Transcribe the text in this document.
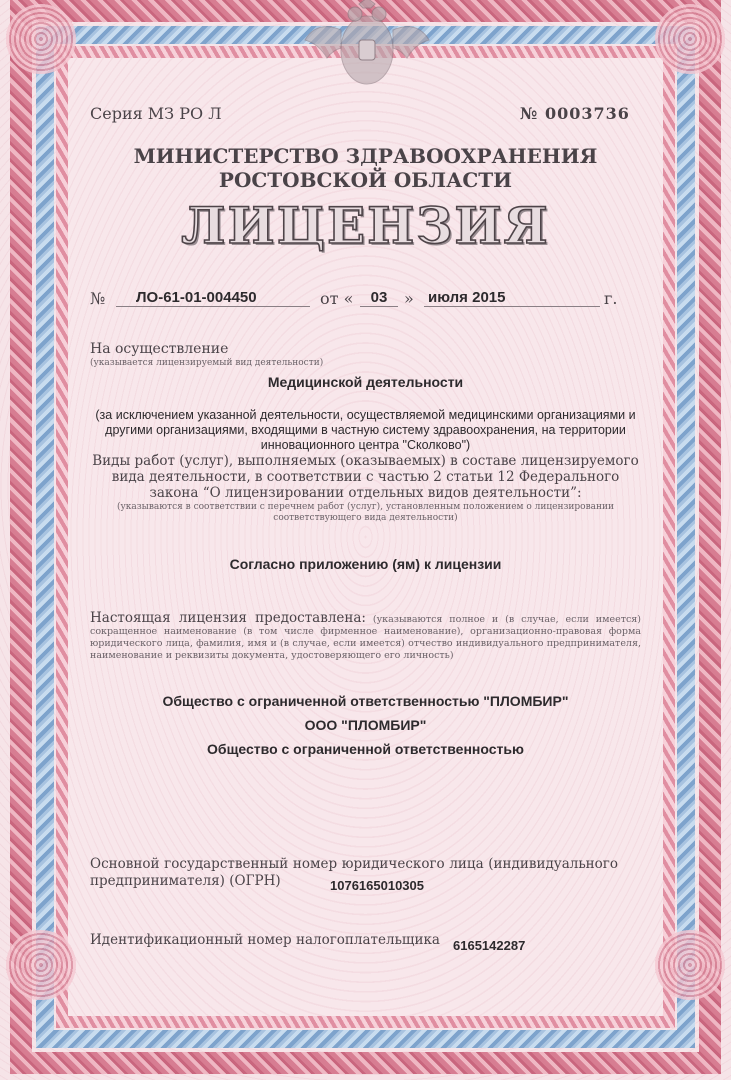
Серия МЗ РО Л	№ 0003736
МИНИСТЕРСТВО ЗДРАВООХРАНЕНИЯ
РОСТОВСКОЙ ОБЛАСТИ
ЛИЦЕНЗИЯ
№	ЛО-61-01-004450	от «	03	» июля 2015	г.
На осуществление
(указывается лицензируемый вид деятельности)
Медицинской деятельности
(за исключением указанной деятельности, осуществляемой медицинскими организациями и другими организациями, входящими в частную систему здравоохранения, на территории инновационного центра "Сколково")
Виды работ (услуг), выполняемых (оказываемых) в составе лицензируемого вида деятельности, в соответствии с частью 2 статьи 12 Федерального закона “О лицензировании отдельных видов деятельности”:
(указываются в соответствии с перечнем работ (услуг), установленным положением о лицензировании соответствующего вида деятельности)
Согласно приложению (ям) к лицензии
Настоящая лицензия предоставлена: (указываются полное и (в случае, если имеется) сокращенное наименование (в том числе фирменное наименование), организационно-правовая форма юридического лица, фамилия, имя и (в случае, если имеется) отчество индивидуального предпринимателя, наименование и реквизиты документа, удостоверяющего его личность)
Общество с ограниченной ответственностью "ПЛОМБИР"
ООО "ПЛОМБИР"
Общество с ограниченной ответственностью
Основной государственный номер юридического лица (индивидуального предпринимателя) (ОГРН)	1076165010305
Идентификационный номер налогоплательщика 6165142287
